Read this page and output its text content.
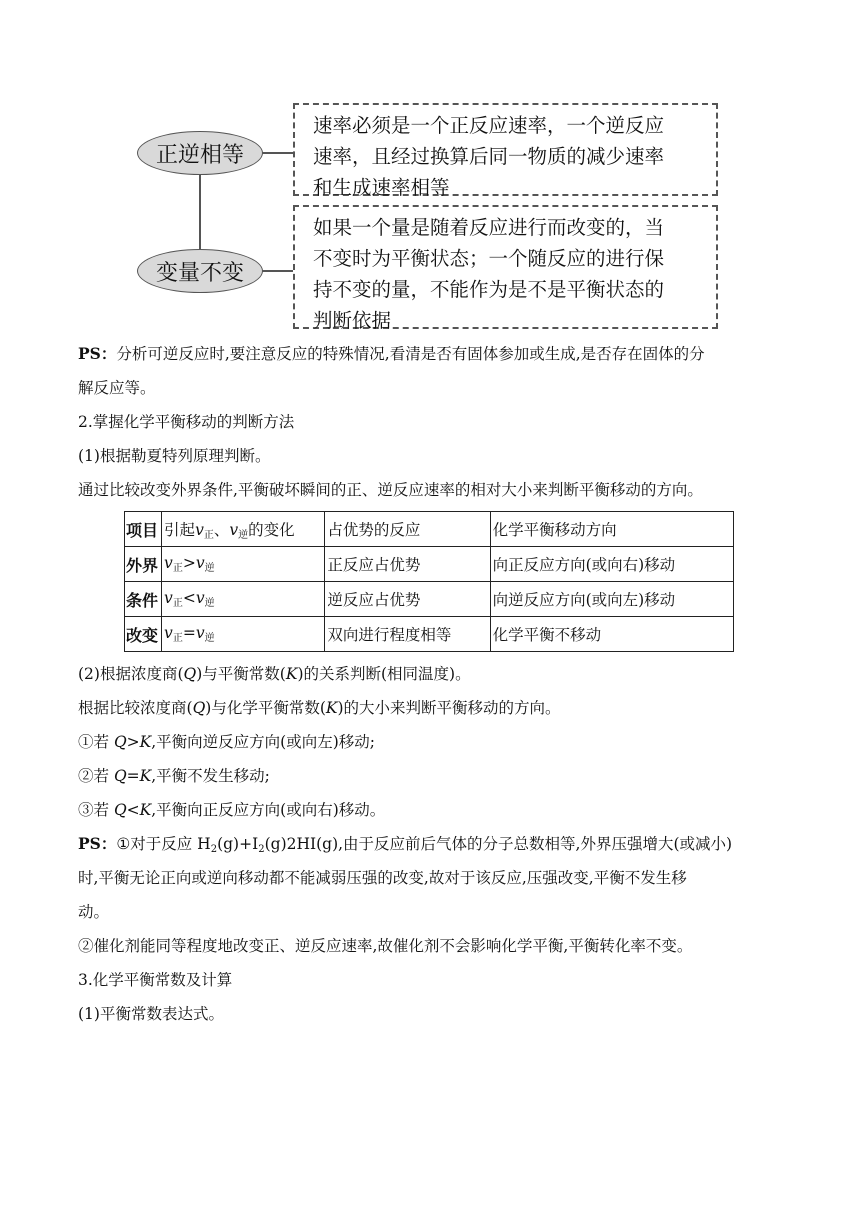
正逆相等
变量不变
速率必须是一个正反应速率，一个逆反应
速率，且经过换算后同一物质的减少速率
和生成速率相等
如果一个量是随着反应进行而改变的，当
不变时为平衡状态；一个随反应的进行保
持不变的量，不能作为是不是平衡状态的
判断依据
PS：分析可逆反应时,要注意反应的特殊情况,看清是否有固体参加或生成,是否存在固体的分
解反应等。
2.掌握化学平衡移动的判断方法
(1)根据勒夏特列原理判断。
通过比较改变外界条件,平衡破坏瞬间的正、逆反应速率的相对大小来判断平衡移动的方向。
项目	引起$v_正$、$v_逆$的变化	占优势的反应	化学平衡移动方向
外界	$v_正>v_逆$	正反应占优势	向正反应方向(或向右)移动
条件	$v_正<v_逆$	逆反应占优势	向逆反应方向(或向左)移动
改变	$v_正=v_逆$	双向进行程度相等	化学平衡不移动
(2)根据浓度商(Q)与平衡常数(K)的关系判断(相同温度)。
根据比较浓度商(Q)与化学平衡常数(K)的大小来判断平衡移动的方向。
①若 Q>K,平衡向逆反应方向(或向左)移动;
②若 Q=K,平衡不发生移动;
③若 Q<K,平衡向正反应方向(或向右)移动。
PS：①对于反应 $H_2(g)+I_2(g)2HI(g)$,由于反应前后气体的分子总数相等,外界压强增大(或减小)
时,平衡无论正向或逆向移动都不能减弱压强的改变,故对于该反应,压强改变,平衡不发生移
动。
②催化剂能同等程度地改变正、逆反应速率,故催化剂不会影响化学平衡,平衡转化率不变。
3.化学平衡常数及计算
(1)平衡常数表达式。
